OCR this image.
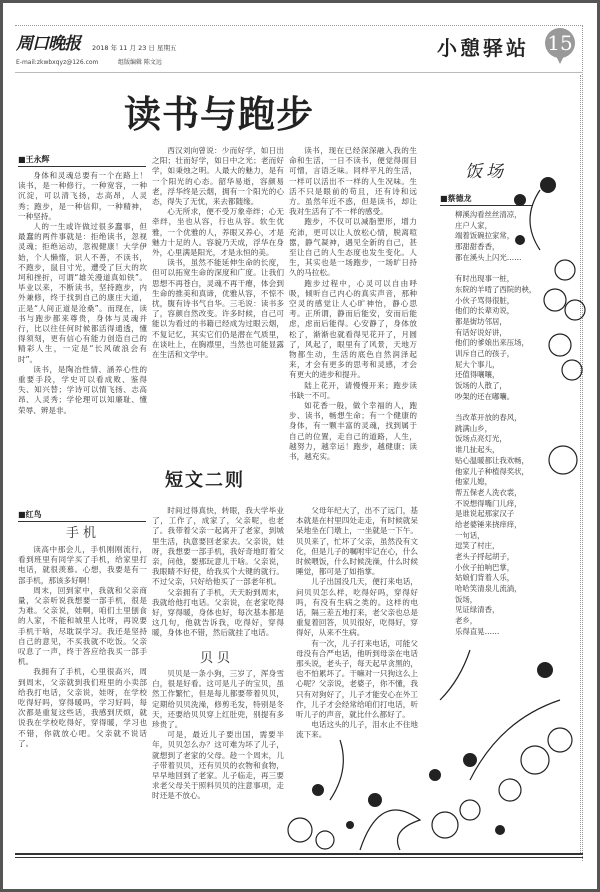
周口晚报 2018 年 11 月 23 日 星期五
E-mail:zkwbxqyz@126.com	组版编辑 陈文远
小憩驿站 15
读书与跑步
■王永辉

身体和灵魂总要有一个在路上！读书，是一种修行，一种宽容，一种沉淀，可以清飞扬，志高昂，人灵秀；跑步，是一种信仰，一种精神，一种坚持。

人的一生或许做过很多蠢事，但最蠢的两件事就是：拒绝读书，忽视灵魂；拒绝运动，忽视健康！大学伊始，个人懒惰，识人不善，不读书，不跑步，鼠目寸光，遭受了巨大的坎坷和挫折，可谓“雄关漫道真如铁”。毕业以来，不断读书，坚持跑步，内外兼修，终于找到自己的康庄大道，正是“人间正道是沧桑”。而现在，读书与跑步都来尊贵，身体与灵魂并行，比以往任何时候都活得通透，懂得须刻，更有信心有能力创造自己的精彩人生，一定是“长风破浪会有时”。

读书，是陶冶性情、涵养心性的重要手段，学史可以看成败、鉴得失、知兴替；学诗可以情飞扬、志高昂、人灵秀；学伦理可以知廉耻、懂荣辱、辨是非。

西汉刘向曾说：少而好学，如日出之阳；壮而好学，如日中之光；老而好学，如秉烛之明。人最大的魅力，是有一个阳光的心态。韶华易逝，容颜易老，浮华终是云烟，拥有一个阳光的心态，得失了无忧，来去都随缘。

心无所求，便不受万象牵绊；心无牵绊，坐也从容，行也从容。软生优雅，一个优雅的人，养眼又养心，才是魅力十足的人。容貌乃天成，浮华在身外，心里满是阳光，才是永恒的美。

读书，虽然不能延伸生命的长度，但可以拓宽生命的深度和广度。让我们思想不再苍白，灵魂不再干瘪，体会到生命的推美和真谛，优雅从容，不惊不扰，腹有诗书气自华。三毛说：读书多了，容颜自然改变。许多时候，自己可能以为看过的书籍已经成为过眼云烟，不复记忆，其实它们仍是潜在气质里，在谈吐上，在胸襟里，当然也可能显露在生活和文学中。

读书，现在已经深深融入我的生命和生活，一日不读书，便觉得面目可憎，言语乏味。同样平凡的生活，一样可以活出不一样的人生况味。生活不只是眼前的苟且，还有诗和远方。虽然年近不惑，但是读书，却让我对生活有了不一样的感受。

跑步，不仅可以减脂塑形，增力充沛，更可以让人放松心情，脱离喧嚣，静气凝神，遇见全新的自己，甚至让自己的人生态度也发生变化。人生，其实也是一场跑步，一场旷日持久的马拉松。

跑步过程中，心灵可以自由呼吸，倾听自己内心的真实声音，那种空灵的感觉让人心旷神怡，静心思考。正所谓，静而后能安，安而后能虑，虑而后能得。心安静了，身体放松了，渐渐也就看得见花开了，月圆了，风起了，眼里有了风景，天地万物都生动，生活的底色自然润泽起来，才会有更多的思考和灵感，才会有更大的进步和提升。

陆上花开，请慢慢开来；跑步读书缺一不可。

如花香一般，做个幸福的人，跑步、读书，畅想生命；有一个健康的身体，有一颗丰富的灵魂，找到属于自己的位置，走自己的道路，人生，越努力，越幸运！跑步，越健康；读书，越充实。

饭场
■蔡德龙
柳溪沟看丝丝清凉，
庄户人家，
端着饭碗拉家常，
那甜甜香香，
都在溪头上闪光……
有时出现事一桩，
东院的羊啃了西院的秧，
小伙子骂得很脏，
他们的长辈劝说，
都是街坊邻居，
有话好说好讲，
他们的爹娘出来压场，
训斥自己的孩子，
屁大个事儿，
还值得嚷嚷，
饭场的人散了，
吵架的还在嘟囔。
当改革开放的春风，
跳满山乡，
饭场点亮灯光，
谁几扯起头，
贴心温暖都让我欢畅，
他家儿子种植得奖状，
他家儿媳，
帮五保老人洗衣裳，
不说想得嘴门儿痒，
是谁说起那家汉子
给老婆锤来挠痒痒，
一句话，
逗笑了村庄，
老头子捋起胡子，
小伙子拍响巴掌，
姑娘们背着人乐，
哈哈笑清泉儿流淌，
饭场，
见证绿清香，
老乡，
乐得直晃……
短文二则
■红鸟
手机

读高中那会儿，手机刚刚流行，看到班里有同学买了手机，给家里打电话，就很羡慕。心想，我要是有一部手机，那该多好啊！

周末，回到家中，我就和父亲商量，父亲听说我想要一部手机，很是为难。父亲说，娃啊，咱们土里刨食的人家，不能和城里人比呀，再说要手机干啥，尽耽误学习。我还是坚持自己的意见，不买我就不吃饭。父亲叹息了一声，终于答应给我买一部手机。

我拥有了手机，心里很高兴，周到周末，父亲就到我们班里的小卖部给我打电话，父亲说，娃呀，在学校吃得好吗，穿得暖吗，学习好吗，每次都是重复这些话，我感到厌烦，就说我在学校吃得好，穿得暖，学习也不错，你就放心吧。父亲就不说话了。

时间过得真快，转眼，我大学毕业了，工作了，成家了，父亲呢，也老了。我带着父亲一起离开了老家，到城里生活，执意要回老家去。父亲说，娃呀，我想要一部手机，我好奇地盯着父亲，问他，要那玩意儿干啥。父亲说，我眼睛不好使，给我买个大键的就行。不过父亲，只好给他买了一部老年机。

父亲拥有了手机，天天盼到周末，我就给他打电话。父亲说，在老家吃得好，穿得暖，身体也好，每次基本都是这几句，他就告诉我，吃得好，穿得暖，身体也不错，然后就挂了电话。

贝贝

贝贝是一条小狗，三岁了，浑身雪白，很是好看。这可是儿子的宝贝，虽然工作繁忙，但是每儿都要带着贝贝，定期给贝贝洗澡，修剪毛发，特别是冬天，还要给贝贝穿上红肚兜，别提有多珍贵了。

可是，最近儿子要出国，需要半年，贝贝怎么办？这可难为坏了儿子，就想到了老家的父母。趁一个周末，儿子带着贝贝，还有贝贝的衣物和食物，早早地回到了老家。儿子临走，再三要求老父母关于照料贝贝的注意事项，走时还是不放心。

父母年纪大了，出不了远门，基本就是在村里四处走走，有时候就呆呆地坐在门墩上，一坐就是一下午。贝贝来了，忙坏了父亲，虽然没有文化，但是儿子的嘱咐牢记在心，什么时候喂饭，什么时候洗澡，什么时候睡觉，都可是了如指掌。

儿子出国没几天，便打来电话，问贝贝怎么样，吃得好吗，穿得好吗，有没有生病之类的。这样的电话，隔三差五地打来，老父亲也总是重复着回答，贝贝很好，吃得好，穿得好，从来不生病。

有一次，儿子打来电话，可能父母没有合严电话，他听到母亲在电话那头说，老头子，每天起早贪黑的，也不怕累坏了。干嘛对一只狗这么上心呢？父亲说，老婆子，你不懂，我只有对狗好了，儿子才能安心在外工作，儿子才会经常给咱们打电话，听听儿子的声音，就比什么都好了。

电话这头的儿子，泪水止不住地流下来。
